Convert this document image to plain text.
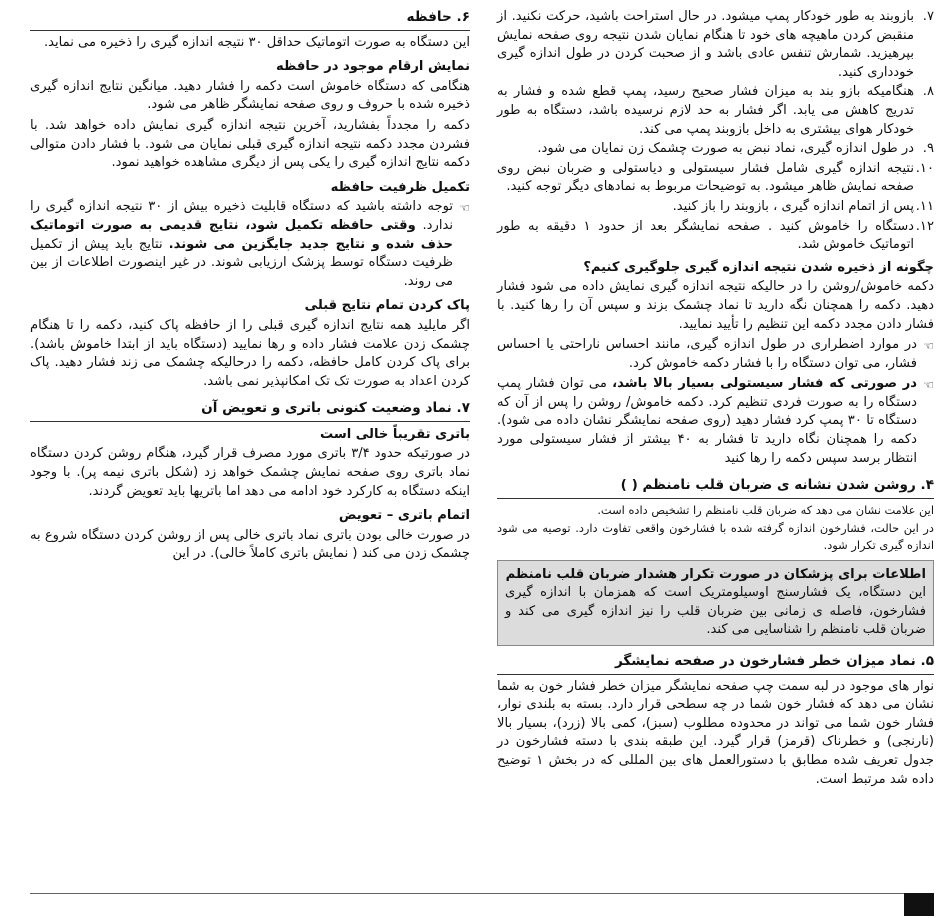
۷.
بازوبند به طور خودکار پمپ میشود. در حال استراحت باشید، حرکت نکنید. از منقبض کردن ماهیچه های خود تا هنگام نمایان شدن نتیجه روی صفحه نمایش بپرهیزید. شمارش تنفس عادی باشد و از صحبت کردن در طول اندازه گیری خودداری کنید.
۸.
هنگامیکه بازو بند به میزان فشار صحیح رسید، پمپ قطع شده و فشار به تدریج کاهش می یابد. اگر فشار به حد لازم نرسیده باشد، دستگاه به طور خودکار هوای بیشتری به داخل بازوبند پمپ می کند.
۹.
در طول اندازه گیری، نماد نبض به صورت چشمک زن نمایان می شود.
۱۰.
نتیجه اندازه گیری شامل فشار سیستولی و دیاستولی و ضربان نبض روی صفحه نمایش ظاهر میشود. به توضیحات مربوط به نمادهای دیگر توجه کنید.
۱۱.
پس از اتمام اندازه گیری ، بازوبند را باز کنید.
۱۲.
دستگاه را خاموش کنید . صفحه نمایشگر بعد از حدود ۱ دقیقه به طور اتوماتیک خاموش شد.
چگونه از ذخیره شدن نتیجه اندازه گیری جلوگیری کنیم؟

دکمه خاموش/روشن را در حالیکه نتیجه اندازه گیری نمایش داده می شود فشار دهید. دکمه را همچنان نگه دارید تا نماد چشمک بزند و سپس آن را رها کنید. با فشار دادن مجدد دکمه این تنظیم را تأیید نمایید.

☜
در موارد اضطراری در طول اندازه گیری، مانند احساس ناراحتی یا احساس فشار، می توان دستگاه را با فشار دکمه خاموش کرد.
☜
در صورتی که فشار سیستولی بسیار بالا باشد، می توان فشار پمپ دستگاه را به صورت فردی تنظیم کرد. دکمه خاموش/ روشن را پس از آن که دستگاه تا ۳۰ پمپ کرد فشار دهید (روی صفحه نمایشگر نشان داده می شود). دکمه را همچنان نگاه دارید تا فشار به ۴۰ بیشتر از فشار سیستولی مورد انتظار برسد سپس دکمه را رها کنید
۴. روشن شدن نشانه ی ضربان قلب نامنظم ( )

این علامت نشان می دهد که ضربان قلب نامنظم را تشخیص داده است.

در این حالت، فشارخون اندازه گرفته شده با فشارخون واقعی تفاوت دارد. توصیه می شود اندازه گیری تکرار شود.

اطلاعات برای پزشکان در صورت تکرار هشدار ضربان قلب نامنظم
این دستگاه، یک فشارسنج اوسیلومتریک است که همزمان با اندازه گیری فشارخون، فاصله ی زمانی بین ضربان قلب را نیز اندازه گیری می کند و ضربان قلب نامنظم را شناسایی می کند.
۵. نماد میزان خطر فشارخون در صفحه نمایشگر

نوار های موجود در لبه سمت چپ صفحه نمایشگر میزان خطر فشار خون به شما نشان می دهد که فشار خون شما در چه سطحی قرار دارد. بسته به بلندی نوار، فشار خون شما می تواند در محدوده مطلوب (سبز)، کمی بالا (زرد)، بسیار بالا (نارنجی) و خطرناک (قرمز) قرار گیرد. این طبقه بندی با دسته فشارخون در جدول تعریف شده مطابق با دستورالعمل های بین المللی که در بخش ۱ توضیح داده شد مرتبط است.

۶. حافظه

این دستگاه به صورت اتوماتیک حداقل ۳۰ نتیجه اندازه گیری را ذخیره می نماید.

نمایش ارقام موجود در حافظه

هنگامی که دستگاه خاموش است دکمه را فشار دهید. میانگین نتایج اندازه گیری ذخیره شده با حروف و روی صفحه نمایشگر ظاهر می شود.

دکمه را مجدداً بفشارید، آخرین نتیجه اندازه گیری نمایش داده خواهد شد. با فشردن مجدد دکمه نتیجه اندازه گیری قبلی نمایان می شود. با فشار دادن متوالی دکمه نتایج اندازه گیری را یکی پس از دیگری مشاهده خواهید نمود.

تکمیل ظرفیت حافظه
☜
توجه داشته باشید که دستگاه قابلیت ذخیره بیش از ۳۰ نتیجه اندازه گیری را ندارد. وقتی حافظه تکمیل شود، نتایج قدیمی به صورت اتوماتیک حذف شده و نتایج جدید جایگزین می شوند. نتایج باید پیش از تکمیل ظرفیت دستگاه توسط پزشک ارزیابی شوند. در غیر اینصورت اطلاعات از بین می روند.
پاک کردن تمام نتایج قبلی

اگر مایلید همه نتایج اندازه گیری قبلی را از حافظه پاک کنید، دکمه را تا هنگام چشمک زدن علامت فشار داده و رها نمایید (دستگاه باید از ابتدا خاموش باشد). برای پاک کردن کامل حافظه، دکمه را درحالیکه چشمک می زند فشار دهید. پاک کردن اعداد به صورت تک تک امکانپذیر نمی باشد.

۷. نماد وضعیت کنونی باتری و تعویض آن
باتری تقریباً خالی است

در صورتیکه حدود ۳/۴ باتری مورد مصرف قرار گیرد، هنگام روشن کردن دستگاه نماد باتری روی صفحه نمایش چشمک خواهد زد (شکل باتری نیمه پر). با وجود اینکه دستگاه به کارکرد خود ادامه می دهد اما باتریها باید تعویض گردند.

اتمام باتری – تعویض

در صورت خالی بودن باتری نماد باتری خالی پس از روشن کردن دستگاه شروع به چشمک زدن می کند ( نمایش باتری کاملاً خالی). در این
